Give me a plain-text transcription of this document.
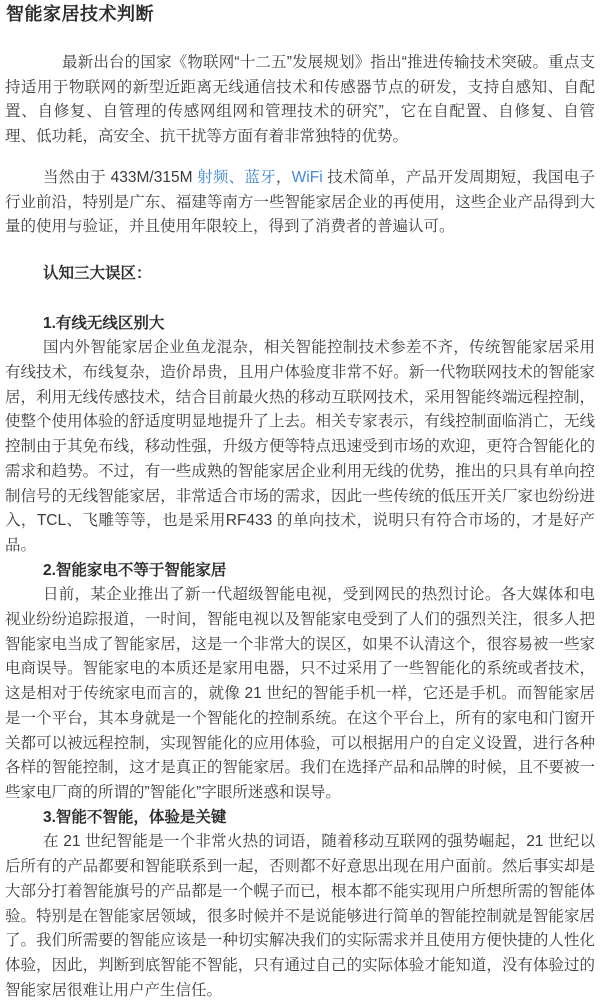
智能家居技术判断

最新出台的国家《物联网“十二五”发展规划》指出“推进传输技术突破。重点支持适用于物联网的新型近距离无线通信技术和传感器节点的研发，支持自感知、自配置、自修复、自管理的传感网组网和管理技术的研究”，它在自配置、自修复、自管理、低功耗，高安全、抗干扰等方面有着非常独特的优势。

当然由于 433M/315M 射频、蓝牙，WiFi 技术简单，产品开发周期短，我国电子行业前沿，特别是广东、福建等南方一些智能家居企业的再使用，这些企业产品得到大量的使用与验证，并且使用年限较上，得到了消费者的普遍认可。

认知三大误区：

1.有线无线区别大

国内外智能家居企业鱼龙混杂，相关智能控制技术参差不齐，传统智能家居采用有线技术，布线复杂，造价昂贵，且用户体验度非常不好。新一代物联网技术的智能家居，利用无线传感技术，结合目前最火热的移动互联网技术，采用智能终端远程控制，使整个使用体验的舒适度明显地提升了上去。相关专家表示，有线控制面临消亡，无线控制由于其免布线，移动性强，升级方便等特点迅速受到市场的欢迎，更符合智能化的需求和趋势。不过，有一些成熟的智能家居企业利用无线的优势，推出的只具有单向控制信号的无线智能家居，非常适合市场的需求，因此一些传统的低压开关厂家也纷纷进入，TCL、飞雕等等，也是采用RF433 的单向技术，说明只有符合市场的，才是好产品。

2.智能家电不等于智能家居

日前，某企业推出了新一代超级智能电视，受到网民的热烈讨论。各大媒体和电视业纷纷追踪报道，一时间，智能电视以及智能家电受到了人们的强烈关注，很多人把智能家电当成了智能家居，这是一个非常大的误区，如果不认清这个，很容易被一些家电商误导。智能家电的本质还是家用电器，只不过采用了一些智能化的系统或者技术，这是相对于传统家电而言的，就像 21 世纪的智能手机一样，它还是手机。而智能家居是一个平台，其本身就是一个智能化的控制系统。在这个平台上，所有的家电和门窗开关都可以被远程控制，实现智能化的应用体验，可以根据用户的自定义设置，进行各种各样的智能控制，这才是真正的智能家居。我们在选择产品和品牌的时候，且不要被一些家电厂商的所谓的”智能化”字眼所迷惑和误导。

3.智能不智能，体验是关键

在 21 世纪智能是一个非常火热的词语，随着移动互联网的强势崛起，21 世纪以后所有的产品都要和智能联系到一起，否则都不好意思出现在用户面前。然后事实却是大部分打着智能旗号的产品都是一个幌子而已，根本都不能实现用户所想所需的智能体验。特别是在智能家居领域，很多时候并不是说能够进行简单的智能控制就是智能家居了。我们所需要的智能应该是一种切实解决我们的实际需求并且使用方便快捷的人性化体验，因此，判断到底智能不智能，只有通过自己的实际体验才能知道，没有体验过的智能家居很难让用户产生信任。
